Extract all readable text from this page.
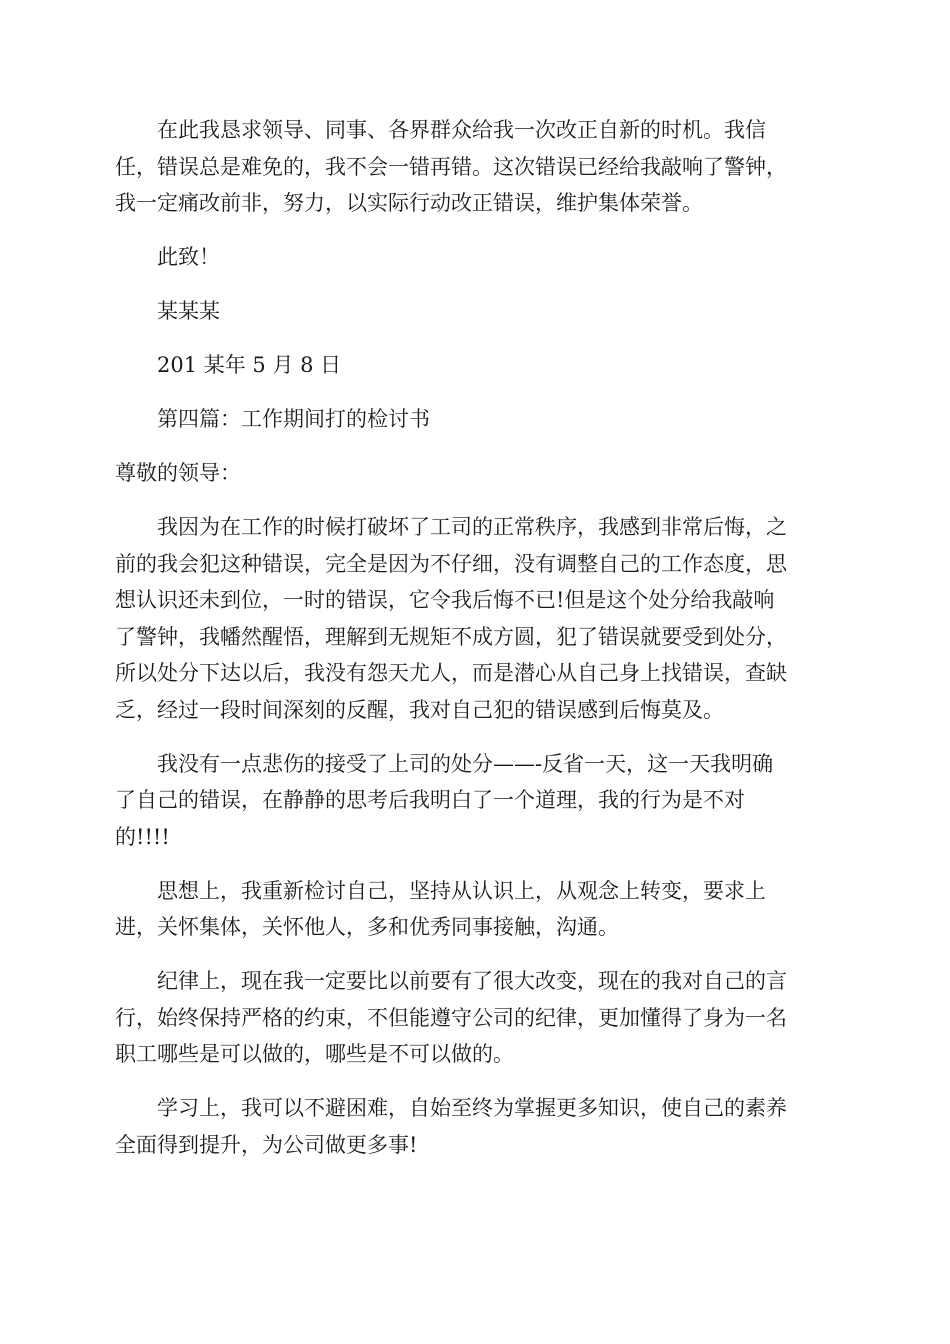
在此我恳求领导、同事、各界群众给我一次改正自新的时机。我信
任，错误总是难免的，我不会一错再错。这次错误已经给我敲响了警钟，
我一定痛改前非，努力，以实际行动改正错误，维护集体荣誉。

此致！

某某某

201 某年 5 月 8 日

第四篇：工作期间打的检讨书

尊敬的领导：

我因为在工作的时候打破坏了工司的正常秩序，我感到非常后悔，之
前的我会犯这种错误，完全是因为不仔细，没有调整自己的工作态度，思
想认识还未到位，一时的错误，它令我后悔不已!但是这个处分给我敲响
了警钟，我幡然醒悟，理解到无规矩不成方圆，犯了错误就要受到处分，
所以处分下达以后，我没有怨天尤人，而是潜心从自己身上找错误，查缺
乏，经过一段时间深刻的反醒，我对自己犯的错误感到后悔莫及。

我没有一点悲伤的接受了上司的处分——-反省一天，这一天我明确
了自己的错误，在静静的思考后我明白了一个道理，我的行为是不对
的!!!!

思想上，我重新检讨自己，坚持从认识上，从观念上转变，要求上
进，关怀集体，关怀他人，多和优秀同事接触，沟通。

纪律上，现在我一定要比以前要有了很大改变，现在的我对自己的言
行，始终保持严格的约束，不但能遵守公司的纪律，更加懂得了身为一名
职工哪些是可以做的，哪些是不可以做的。

学习上，我可以不避困难，自始至终为掌握更多知识，使自己的素养
全面得到提升，为公司做更多事!
